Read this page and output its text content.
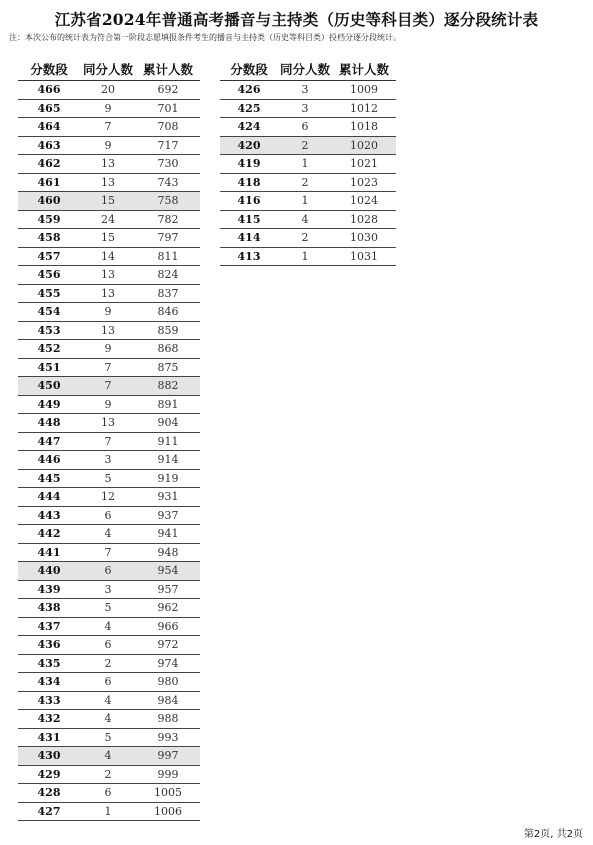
江苏省2024年普通高考播音与主持类（历史等科目类）逐分段统计表
注：本次公布的统计表为符合第一阶段志愿填报条件考生的播音与主持类（历史等科目类）投档分逐分段统计。
分数段	同分人数	累计人数
466	20	692
465	9	701
464	7	708
463	9	717
462	13	730
461	13	743
460	15	758
459	24	782
458	15	797
457	14	811
456	13	824
455	13	837
454	9	846
453	13	859
452	9	868
451	7	875
450	7	882
449	9	891
448	13	904
447	7	911
446	3	914
445	5	919
444	12	931
443	6	937
442	4	941
441	7	948
440	6	954
439	3	957
438	5	962
437	4	966
436	6	972
435	2	974
434	6	980
433	4	984
432	4	988
431	5	993
430	4	997
429	2	999
428	6	1005
427	1	1006
分数段	同分人数	累计人数
426	3	1009
425	3	1012
424	6	1018
420	2	1020
419	1	1021
418	2	1023
416	1	1024
415	4	1028
414	2	1030
413	1	1031
第2页, 共2页
